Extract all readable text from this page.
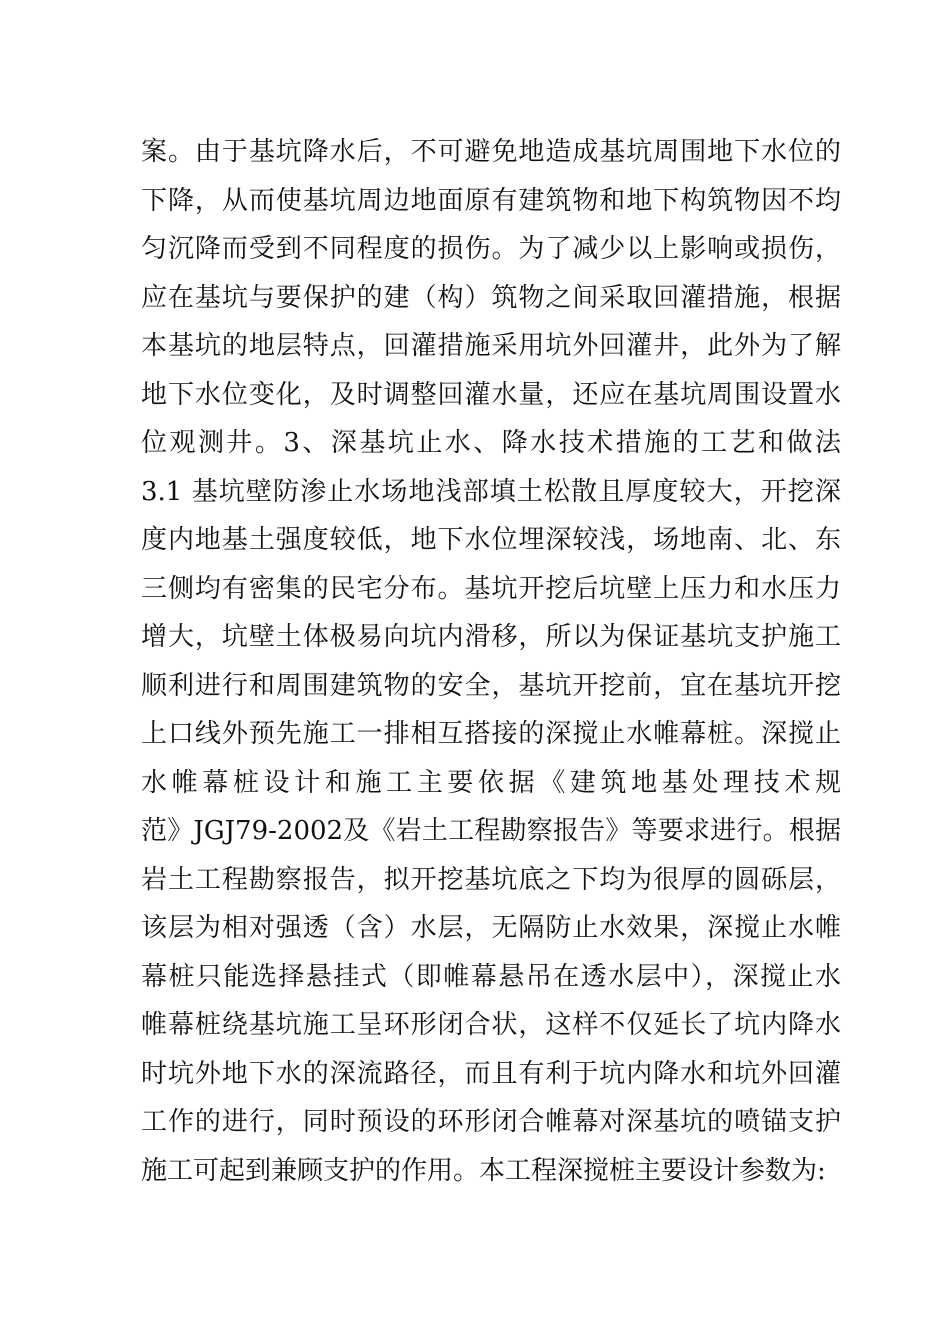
案。由于基坑降水后，不可避免地造成基坑周围地下水位的
下降，从而使基坑周边地面原有建筑物和地下构筑物因不均
匀沉降而受到不同程度的损伤。为了减少以上影响或损伤，
应在基坑与要保护的建（构）筑物之间采取回灌措施，根据
本基坑的地层特点，回灌措施采用坑外回灌井，此外为了解
地下水位变化，及时调整回灌水量，还应在基坑周围设置水
位观测井。3、深基坑止水、降水技术措施的工艺和做法
3.1 基坑壁防渗止水场地浅部填土松散且厚度较大，开挖深
度内地基土强度较低，地下水位埋深较浅，场地南、北、东
三侧均有密集的民宅分布。基坑开挖后坑壁上压力和水压力
增大，坑壁土体极易向坑内滑移，所以为保证基坑支护施工
顺利进行和周围建筑物的安全，基坑开挖前，宜在基坑开挖
上口线外预先施工一排相互搭接的深搅止水帷幕桩。深搅止
水帷幕桩设计和施工主要依据《建筑地基处理技术规
范》JGJ79-2002及《岩土工程勘察报告》等要求进行。根据
岩土工程勘察报告，拟开挖基坑底之下均为很厚的圆砾层，
该层为相对强透（含）水层，无隔防止水效果，深搅止水帷
幕桩只能选择悬挂式（即帷幕悬吊在透水层中），深搅止水
帷幕桩绕基坑施工呈环形闭合状，这样不仅延长了坑内降水
时坑外地下水的深流路径，而且有利于坑内降水和坑外回灌
工作的进行，同时预设的环形闭合帷幕对深基坑的喷锚支护
施工可起到兼顾支护的作用。本工程深搅桩主要设计参数为:
